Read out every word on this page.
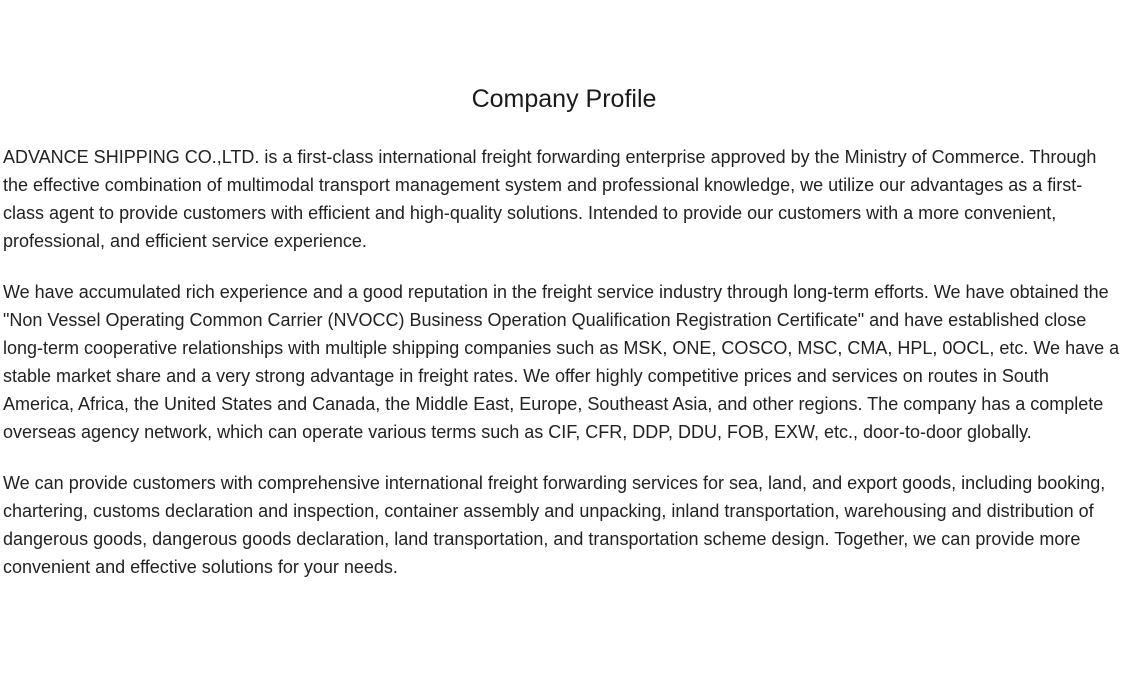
Company Profile

ADVANCE SHIPPING CO.,LTD. is a first-class international freight forwarding enterprise approved by the Ministry of Commerce. Through the effective combination of multimodal transport management system and professional knowledge, we utilize our advantages as a first-class agent to provide customers with efficient and high-quality solutions. Intended to provide our customers with a more convenient, professional, and efficient service experience.

We have accumulated rich experience and a good reputation in the freight service industry through long-term efforts. We have obtained the "Non Vessel Operating Common Carrier (NVOCC) Business Operation Qualification Registration Certificate" and have established close long-term cooperative relationships with multiple shipping companies such as MSK, ONE, COSCO, MSC, CMA, HPL, 0OCL, etc. We have a stable market share and a very strong advantage in freight rates. We offer highly competitive prices and services on routes in South America, Africa, the United States and Canada, the Middle East, Europe, Southeast Asia, and other regions. The company has a complete overseas agency network, which can operate various terms such as CIF, CFR, DDP, DDU, FOB, EXW, etc., door-to-door globally.

We can provide customers with comprehensive international freight forwarding services for sea, land, and export goods, including booking, chartering, customs declaration and inspection, container assembly and unpacking, inland transportation, warehousing and distribution of dangerous goods, dangerous goods declaration, land transportation, and transportation scheme design. Together, we can provide more convenient and effective solutions for your needs.
